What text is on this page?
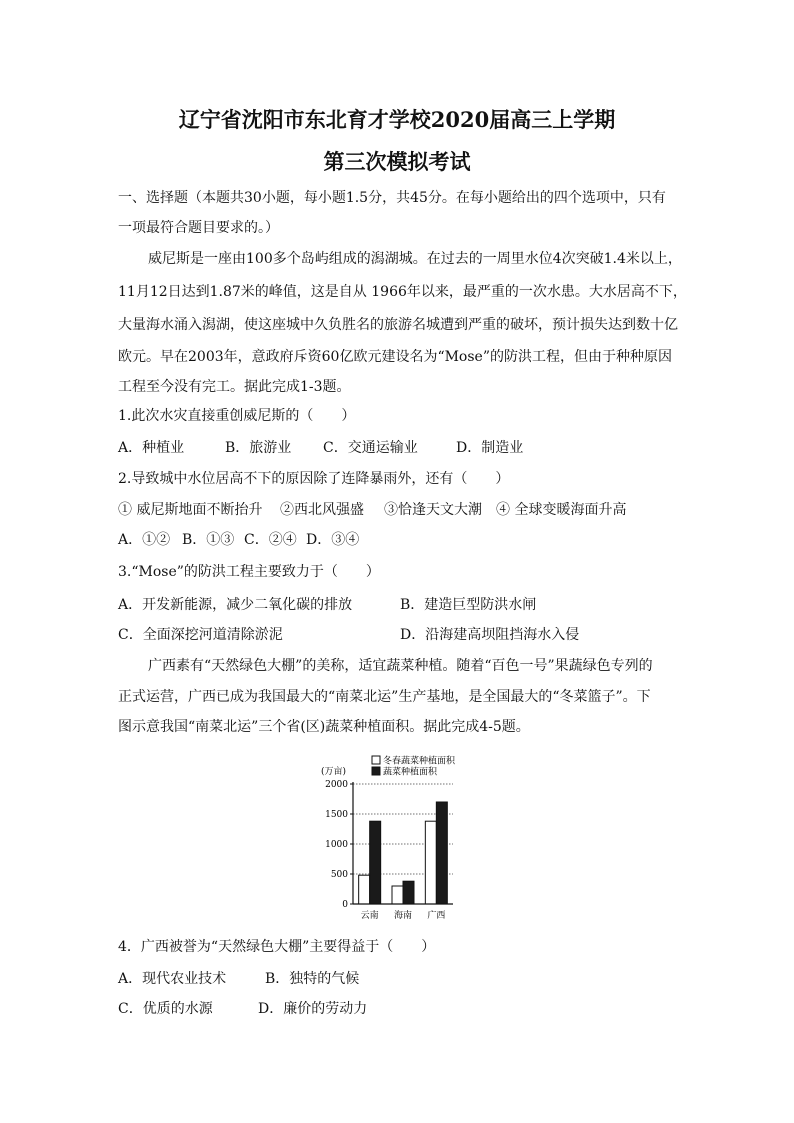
辽宁省沈阳市东北育才学校2020届高三上学期
第三次模拟考试
一、选择题（本题共30小题，每小题1.5分，共45分。在每小题给出的四个选项中，只有
一项最符合题目要求的。）
威尼斯是一座由100多个岛屿组成的潟湖城。在过去的一周里水位4次突破1.4米以上，
11月12日达到1.87米的峰值，这是自从 1966年以来，最严重的一次水患。大水居高不下，
大量海水涌入潟湖，使这座城中久负胜名的旅游名城遭到严重的破坏，预计损失达到数十亿
欧元。早在2003年，意政府斥资60亿欧元建设名为“Mose”的防洪工程，但由于种种原因
工程至今没有完工。据此完成1-3题。
1.此次水灾直接重创威尼斯的（　　）
A．种植业	B．旅游业 C．交通运输业	D．制造业
2.导致城中水位居高不下的原因除了连降暴雨外，还有（　　）
① 威尼斯地面不断抬升 ②西北风强盛 ③恰逢天文大潮 ④ 全球变暖海面升高
A．①② B．①③ C．②④ D．③④
3.“Mose”的防洪工程主要致力于（　　）
A．开发新能源，减少二氧化碳的排放	B．建造巨型防洪水闸
C．全面深挖河道清除淤泥	D．沿海建高坝阻挡海水入侵
广西素有“天然绿色大棚”的美称，适宜蔬菜种植。随着“百色一号”果蔬绿色专列的
正式运营，广西已成为我国最大的“南菜北运”生产基地，是全国最大的“冬菜篮子”。下
图示意我国“南菜北运”三个省(区)蔬菜种植面积。据此完成4-5题。
冬春蔬菜种植面积
蔬菜种植面积
(万亩)
2000
1500
1000
500
0
云南 海南 广西
4．广西被誉为“天然绿色大棚”主要得益于（　　）
A．现代农业技术	B．独特的气候
C．优质的水源	D．廉价的劳动力
